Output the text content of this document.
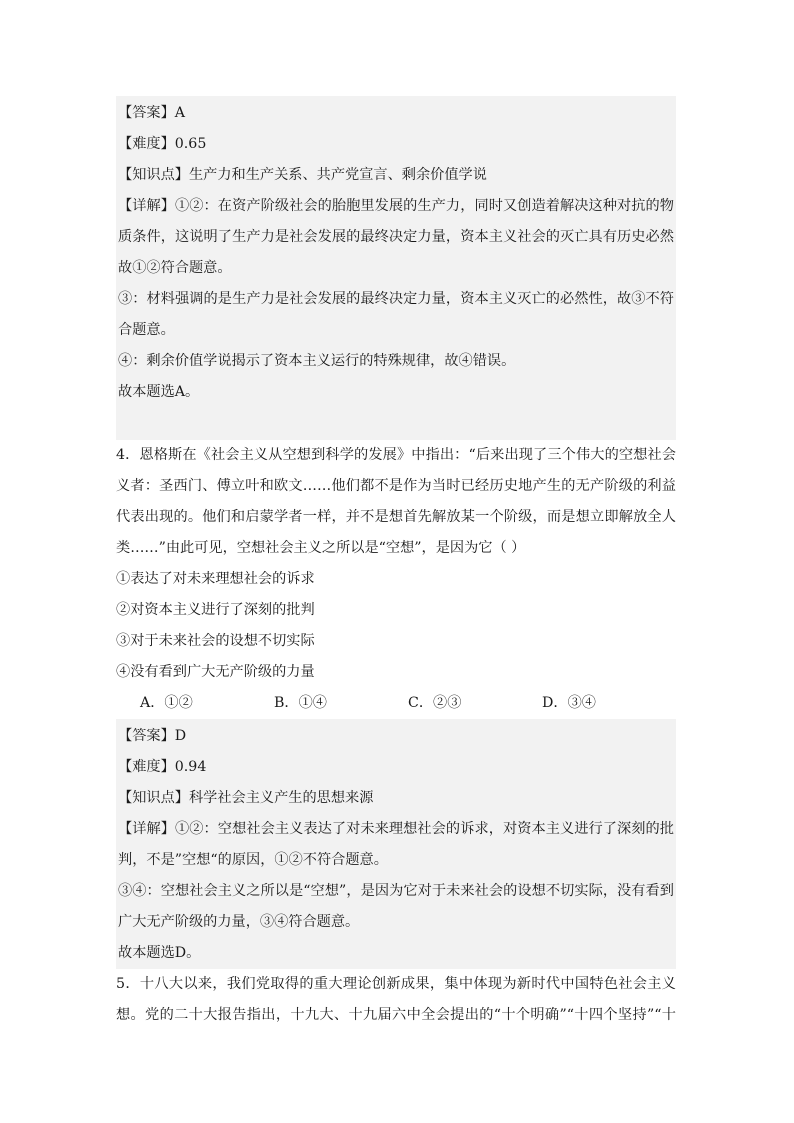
【答案】A
【难度】0.65
【知识点】生产力和生产关系、共产党宣言、剩余价值学说
【详解】①②：在资产阶级社会的胎胞里发展的生产力，同时又创造着解决这种对抗的物
质条件，这说明了生产力是社会发展的最终决定力量，资本主义社会的灭亡具有历史必然
故①②符合题意。
③：材料强调的是生产力是社会发展的最终决定力量，资本主义灭亡的必然性，故③不符
合题意。
④：剩余价值学说揭示了资本主义运行的特殊规律，故④错误。
故本题选A。
4．恩格斯在《社会主义从空想到科学的发展》中指出：“后来出现了三个伟大的空想社会
义者：圣西门、傅立叶和欧文……他们都不是作为当时已经历史地产生的无产阶级的利益
代表出现的。他们和启蒙学者一样，并不是想首先解放某一个阶级，而是想立即解放全人
类……”由此可见，空想社会主义之所以是“空想”，是因为它（ ）
①表达了对未来理想社会的诉求
②对资本主义进行了深刻的批判
③对于未来社会的设想不切实际
④没有看到广大无产阶级的力量
A．①②	B．①④	C．②③	D．③④
【答案】D
【难度】0.94
【知识点】科学社会主义产生的思想来源
【详解】①②：空想社会主义表达了对未来理想社会的诉求，对资本主义进行了深刻的批
判，不是”空想“的原因，①②不符合题意。
③④：空想社会主义之所以是“空想”，是因为它对于未来社会的设想不切实际，没有看到
广大无产阶级的力量，③④符合题意。
故本题选D。
5．十八大以来，我们党取得的重大理论创新成果，集中体现为新时代中国特色社会主义
想。党的二十大报告指出，十九大、十九届六中全会提出的“十个明确”“十四个坚持”“十
